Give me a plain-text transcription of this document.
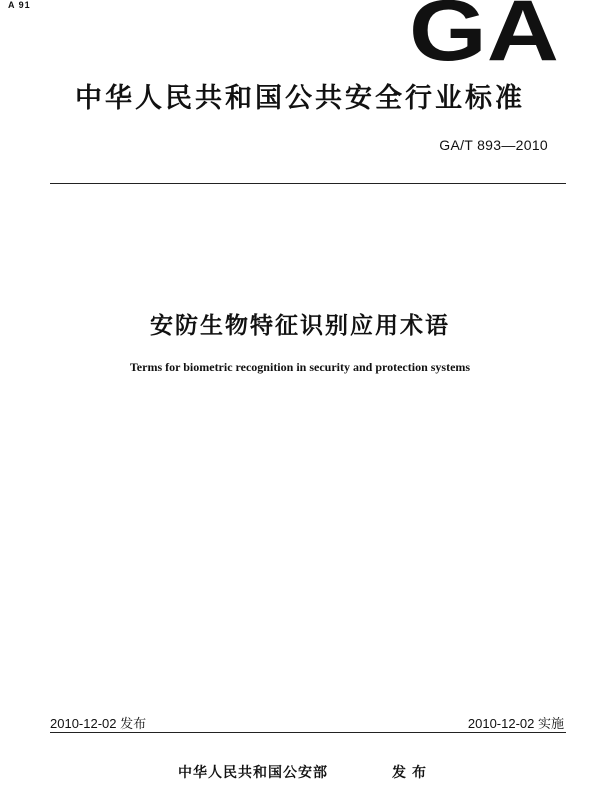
A 91	GA
中华人民共和国公共安全行业标准
GA/T 893—2010
安防生物特征识别应用术语
Terms for biometric recognition in security and protection systems
2010-12-02 发布	2010-12-02 实施
中华人民共和国公安部	发布
